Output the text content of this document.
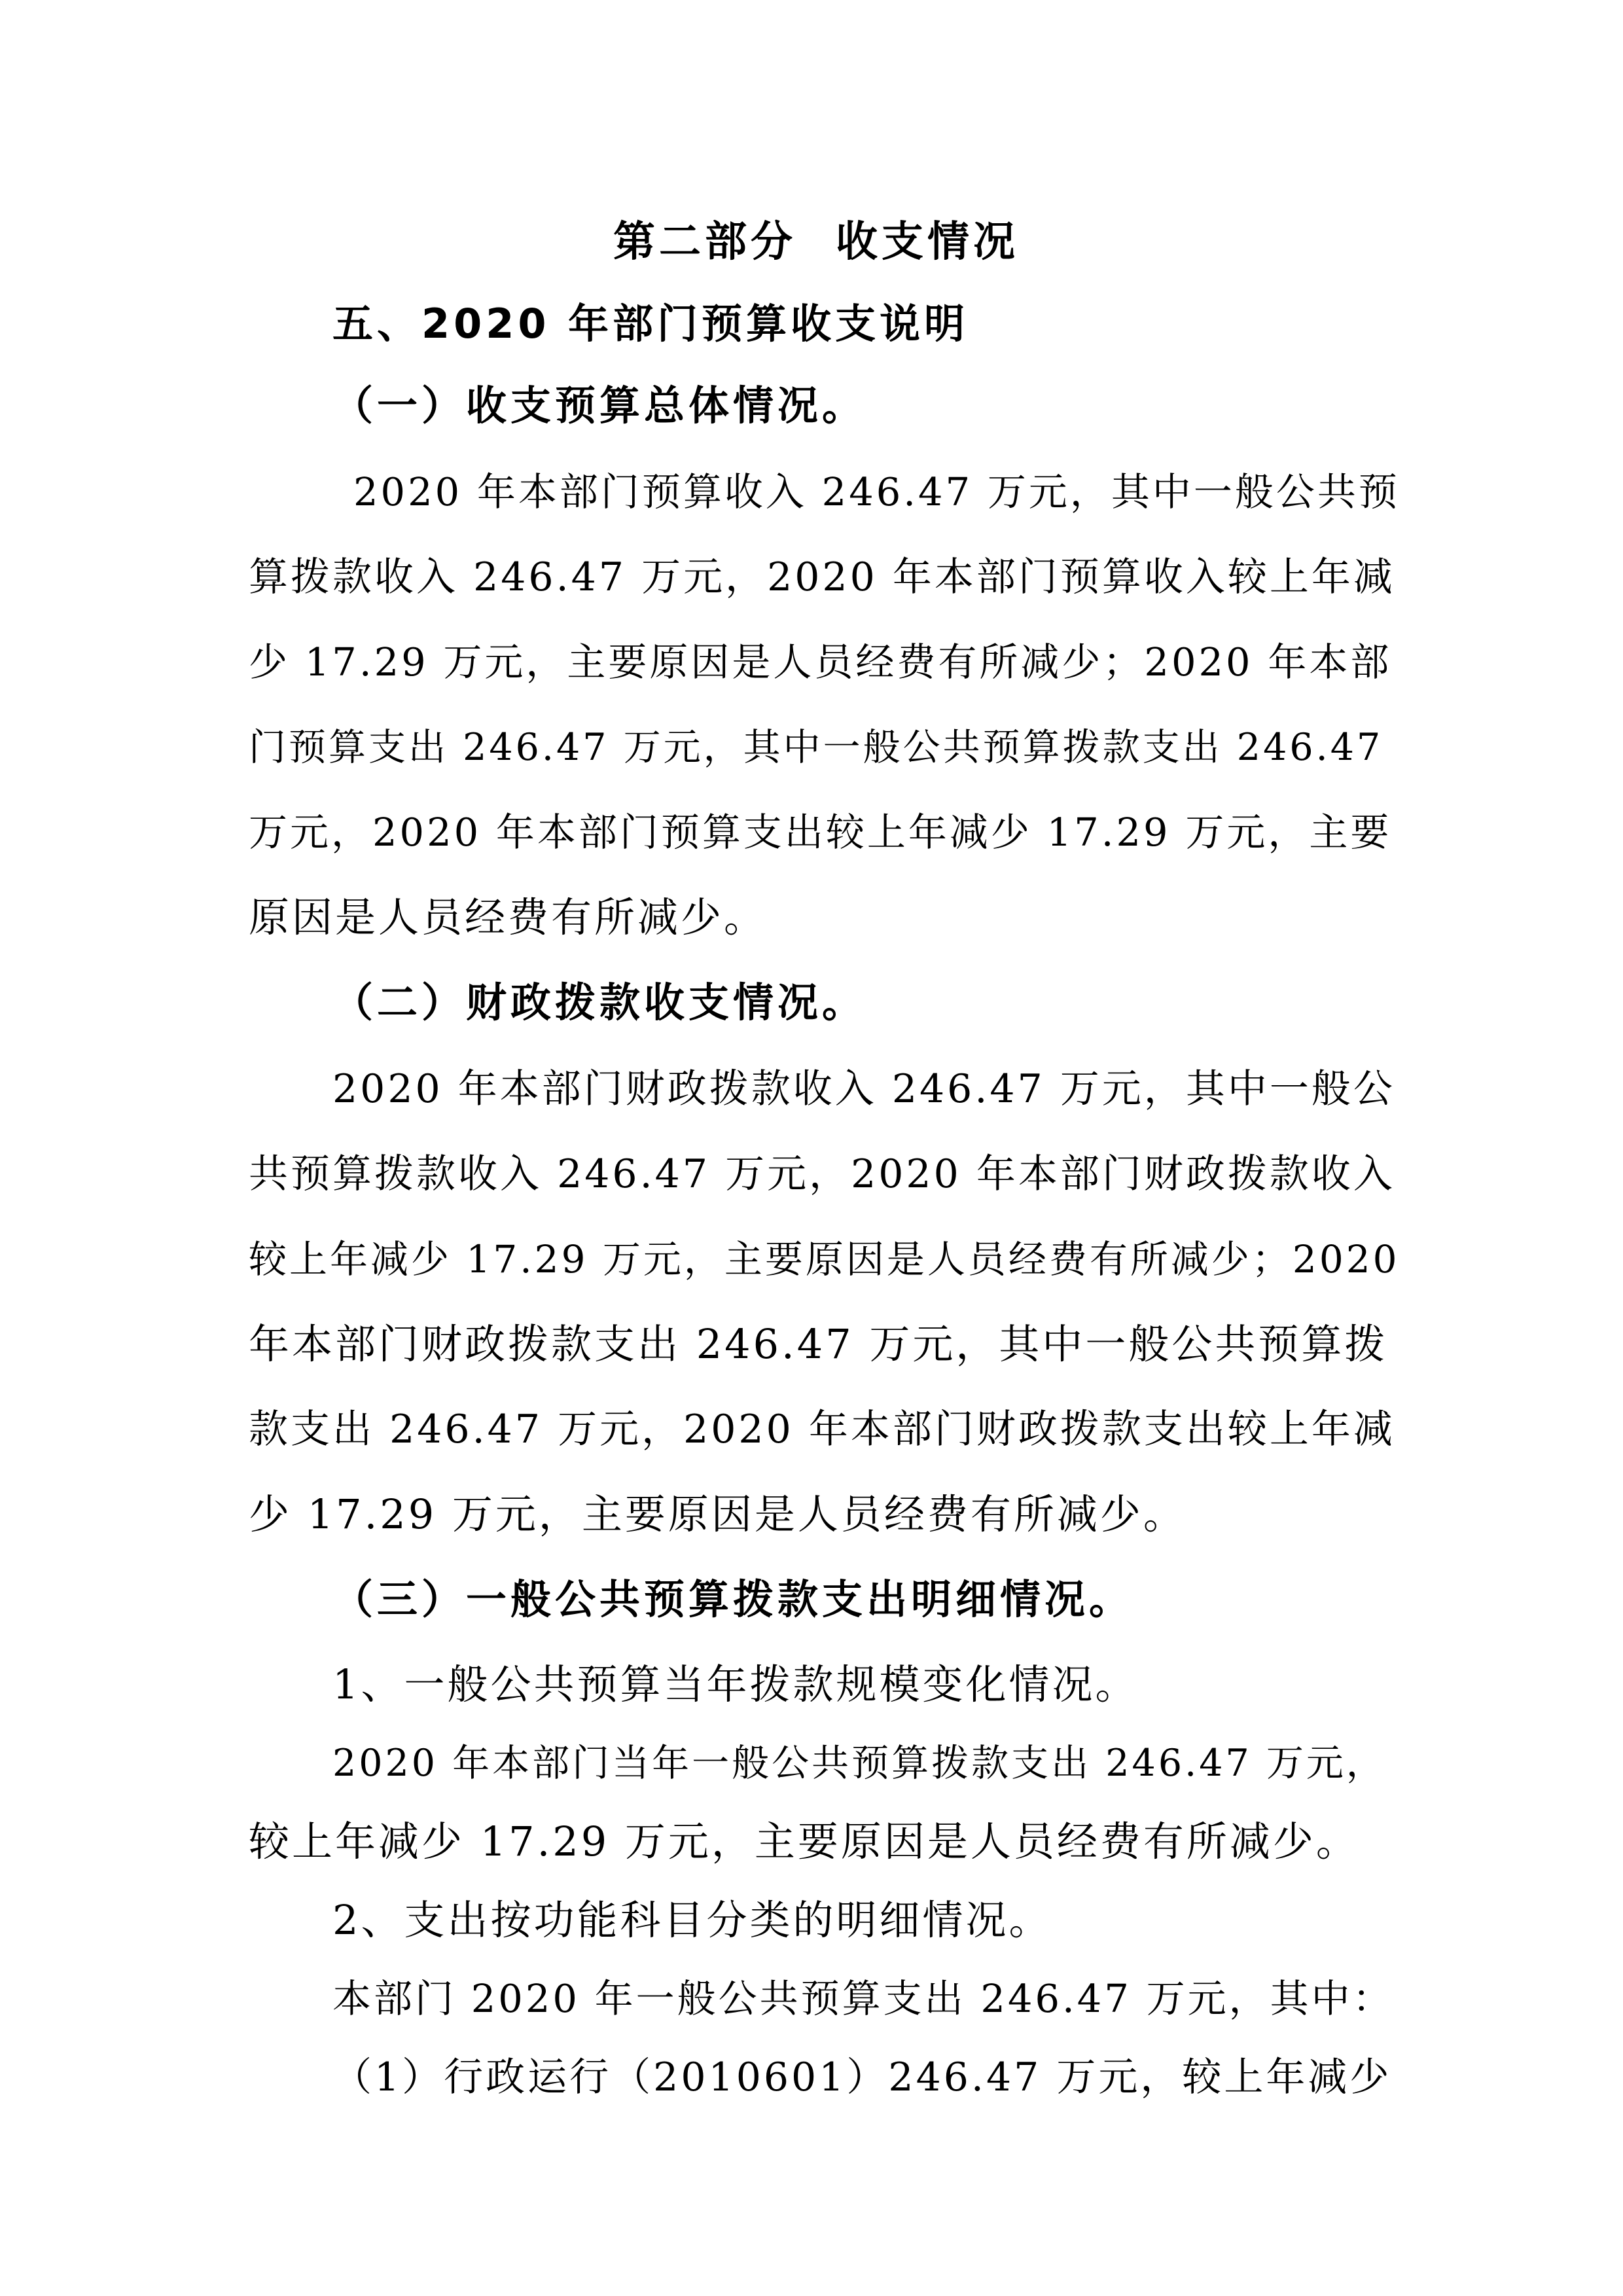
第二部分 收支情况
五、2020 年部门预算收支说明
（一）收支预算总体情况。
2020 年本部门预算收入 246.47 万元，其中一般公共预
算拨款收入 246.47 万元，2020 年本部门预算收入较上年减
少 17.29 万元，主要原因是人员经费有所减少；2020 年本部
门预算支出 246.47 万元，其中一般公共预算拨款支出 246.47
万元，2020 年本部门预算支出较上年减少 17.29 万元，主要
原因是人员经费有所减少。
（二）财政拨款收支情况。
2020 年本部门财政拨款收入 246.47 万元，其中一般公
共预算拨款收入 246.47 万元，2020 年本部门财政拨款收入
较上年减少 17.29 万元，主要原因是人员经费有所减少；2020
年本部门财政拨款支出 246.47 万元，其中一般公共预算拨
款支出 246.47 万元，2020 年本部门财政拨款支出较上年减
少 17.29 万元，主要原因是人员经费有所减少。
（三）一般公共预算拨款支出明细情况。
1、一般公共预算当年拨款规模变化情况。
2020 年本部门当年一般公共预算拨款支出 246.47 万元，
较上年减少 17.29 万元，主要原因是人员经费有所减少。
2、支出按功能科目分类的明细情况。
本部门 2020 年一般公共预算支出 246.47 万元，其中：
（1）行政运行（2010601）246.47 万元，较上年减少
